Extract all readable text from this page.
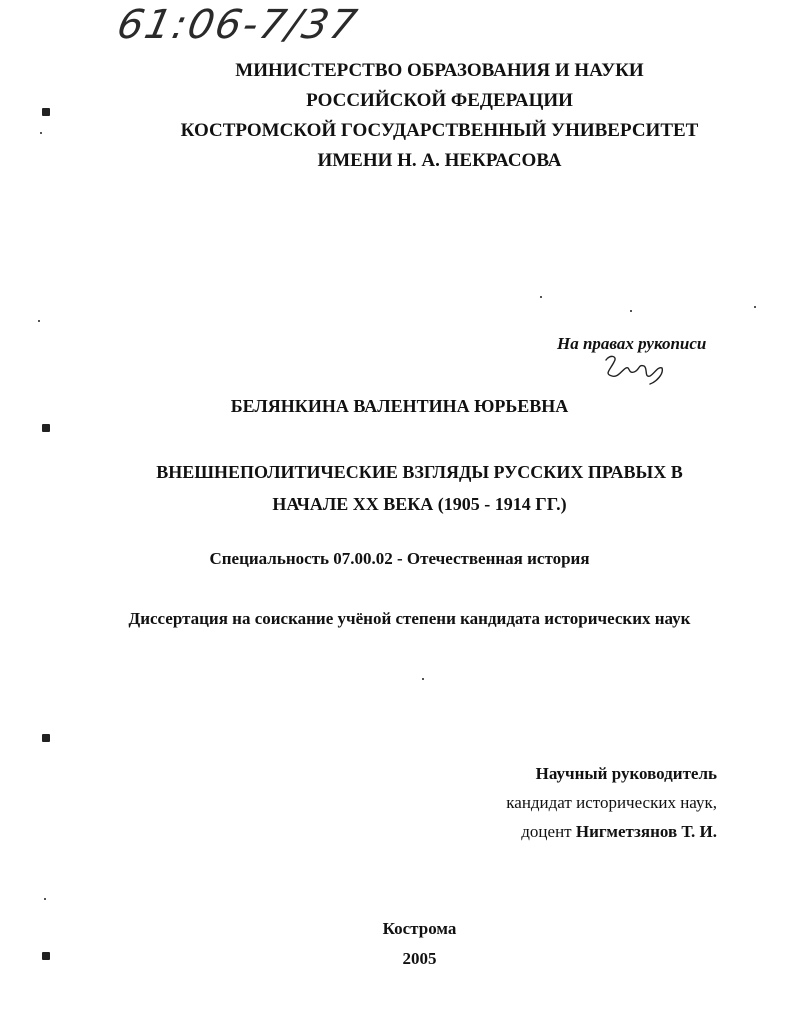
61:06-7/37
МИНИСТЕРСТВО ОБРАЗОВАНИЯ И НАУКИ
РОССИЙСКОЙ ФЕДЕРАЦИИ
КОСТРОМСКОЙ ГОСУДАРСТВЕННЫЙ УНИВЕРСИТЕТ
ИМЕНИ Н. А. НЕКРАСОВА
На правах рукописи
БЕЛЯНКИНА ВАЛЕНТИНА ЮРЬЕВНА
ВНЕШНЕПОЛИТИЧЕСКИЕ ВЗГЛЯДЫ РУССКИХ ПРАВЫХ В
НАЧАЛЕ XX ВЕКА (1905 - 1914 ГГ.)
Специальность 07.00.02 - Отечественная история
Диссертация на соискание учёной степени кандидата исторических наук
Научный руководитель
кандидат исторических наук,
доцент Нигметзянов Т. И.
Кострома
2005
